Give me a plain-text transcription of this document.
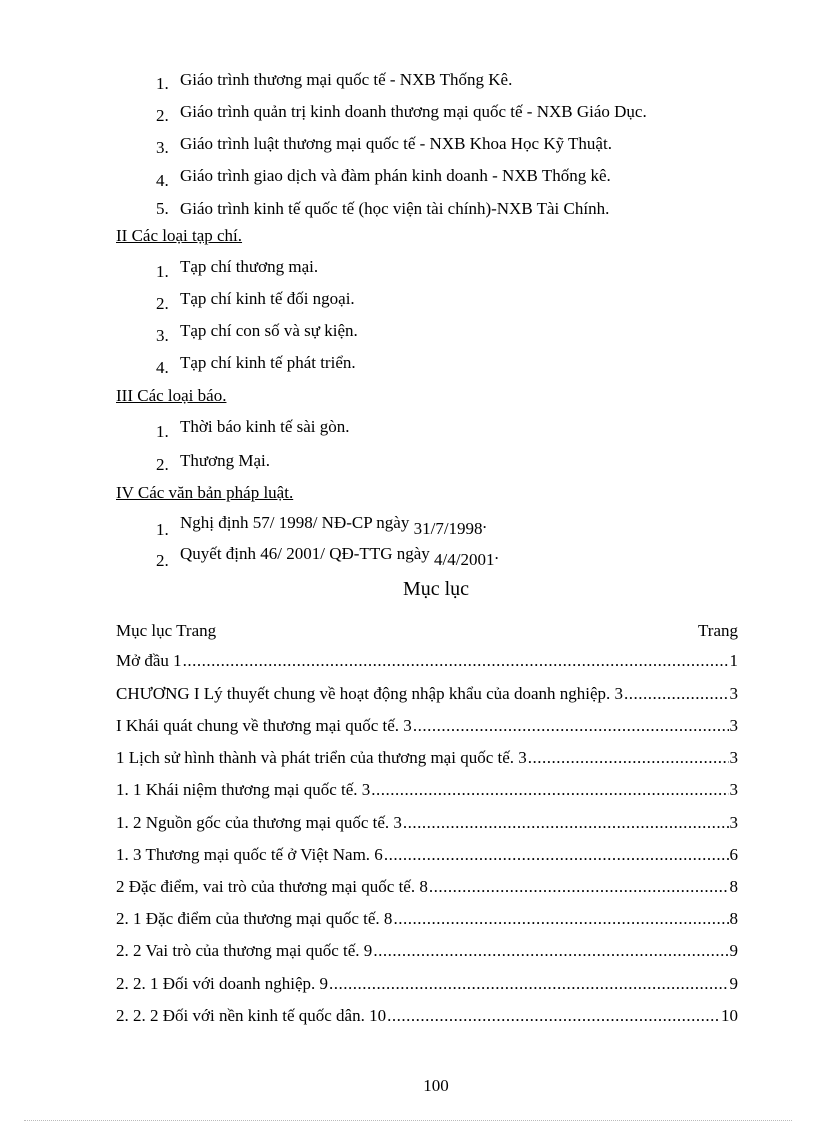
1. Giáo trình thương mại quốc tế - NXB Thống Kê.
2. Giáo trình quản trị kinh doanh thương mại quốc tế - NXB Giáo Dục.
3. Giáo trình luật thương mại quốc tế - NXB Khoa Học Kỹ Thuật.
4. Giáo trình giao dịch và đàm phán kinh doanh - NXB Thống kê.
5. Giáo trình kinh tế quốc tế (học viện tài chính)-NXB Tài Chính.
II Các loại tạp chí.
1. Tạp chí thương mại.
2. Tạp chí kinh tế đối ngoại.
3. Tạp chí con số và sự kiện.
4. Tạp chí kinh tế phát triển.
III Các loại báo.
1. Thời báo kinh tế sài gòn.
2. Thương Mại.
IV Các văn bản pháp luật.
1. Nghị định 57/ 1998/ NĐ-CP ngày 31/7/1998.
2. Quyết định 46/ 2001/ QĐ-TTG ngày 4/4/2001.
Mục lục
Mục lục Trang	Trang
Mở đầu 1 .....	1
CHƯƠNG I Lý thuyết chung về hoạt động nhập khẩu của doanh nghiệp. 3 .....	3
I Khái quát chung về thương mại quốc tế. 3 .....	3
1 Lịch sử hình thành và phát triển của thương mại quốc tế. 3 .....	3
1. 1 Khái niệm thương mại quốc tế. 3 .....	3
1. 2 Nguồn gốc của thương mại quốc tế. 3 .....	3
1. 3 Thương mại quốc tế ở Việt Nam. 6 .....	6
2 Đặc điểm, vai trò của thương mại quốc tế. 8 .....	8
2. 1 Đặc điểm của thương mại quốc tế. 8 .....	8
2. 2 Vai trò của thương mại quốc tế. 9 .....	9
2. 2. 1 Đối với doanh nghiệp. 9 .....	9
2. 2. 2 Đối với nền kinh tế quốc dân. 10 .....	10
100
